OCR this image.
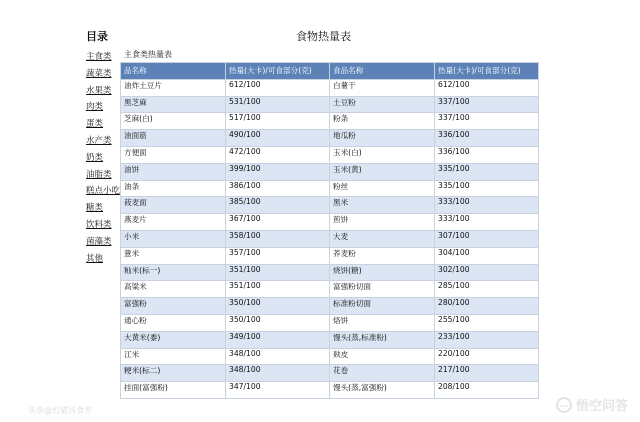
目录
主食类
蔬菜类
水果类
肉类
蛋类
水产类
奶类
油脂类
糕点小吃
糖类
饮料类
菌藻类
其他
食物热量表
主食类热量表
品名称	热量(大卡)/可食部分(克)	食品名称	热量(大卡)/可食部分(克)
油炸土豆片	612/100	白薯干	612/100
黑芝麻	531/100	土豆粉	337/100
芝麻(白)	517/100	粉条	337/100
油面筋	490/100	地瓜粉	336/100
方便面	472/100	玉米(白)	336/100
油饼	399/100	玉米(黄)	335/100
油条	386/100	粉丝	335/100
莜麦面	385/100	黑米	333/100
燕麦片	367/100	煎饼	333/100
小米	358/100	大麦	307/100
薏米	357/100	荞麦粉	304/100
籼米(标一)	351/100	烧饼(糖)	302/100
高粱米	351/100	富强粉切面	285/100
富强粉	350/100	标准粉切面	280/100
通心粉	350/100	烙饼	255/100
大黄米(黍)	349/100	馒头(蒸,标准粉)	233/100
江米	348/100	麸皮	220/100
粳米(标二)	348/100	花卷	217/100
挂面(富强粉)	347/100	馒头(蒸,富强粉)	208/100
头条@幻猫汤食养
… 悟空问答
